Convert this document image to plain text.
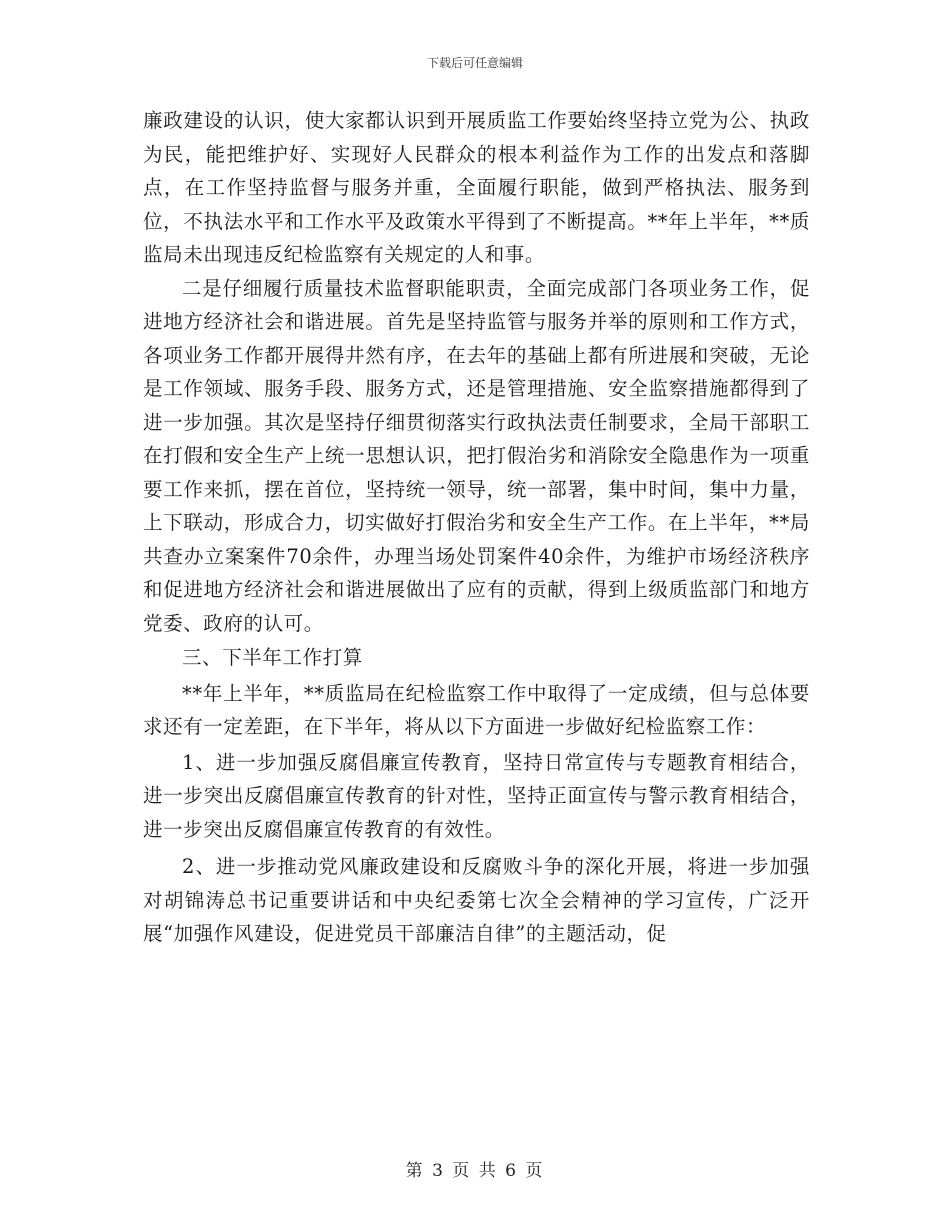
下载后可任意编辑

廉政建设的认识，使大家都认识到开展质监工作要始终坚持立党为公、执政为民，能把维护好、实现好人民群众的根本利益作为工作的出发点和落脚点，在工作坚持监督与服务并重，全面履行职能，做到严格执法、服务到位，不执法水平和工作水平及政策水平得到了不断提高。**年上半年，**质监局未出现违反纪检监察有关规定的人和事。

二是仔细履行质量技术监督职能职责，全面完成部门各项业务工作，促进地方经济社会和谐进展。首先是坚持监管与服务并举的原则和工作方式，各项业务工作都开展得井然有序，在去年的基础上都有所进展和突破，无论是工作领域、服务手段、服务方式，还是管理措施、安全监察措施都得到了进一步加强。其次是坚持仔细贯彻落实行政执法责任制要求，全局干部职工在打假和安全生产上统一思想认识，把打假治劣和消除安全隐患作为一项重要工作来抓，摆在首位，坚持统一领导，统一部署，集中时间，集中力量，上下联动，形成合力，切实做好打假治劣和安全生产工作。在上半年，**局共查办立案案件70余件，办理当场处罚案件40余件，为维护市场经济秩序和促进地方经济社会和谐进展做出了应有的贡献，得到上级质监部门和地方党委、政府的认可。

三、下半年工作打算

**年上半年，**质监局在纪检监察工作中取得了一定成绩，但与总体要求还有一定差距，在下半年，将从以下方面进一步做好纪检监察工作：

1、进一步加强反腐倡廉宣传教育，坚持日常宣传与专题教育相结合，进一步突出反腐倡廉宣传教育的针对性，坚持正面宣传与警示教育相结合，进一步突出反腐倡廉宣传教育的有效性。

2、进一步推动党风廉政建设和反腐败斗争的深化开展，将进一步加强对胡锦涛总书记重要讲话和中央纪委第七次全会精神的学习宣传，广泛开展“加强作风建设，促进党员干部廉洁自律”的主题活动，促

第 3 页 共 6 页
